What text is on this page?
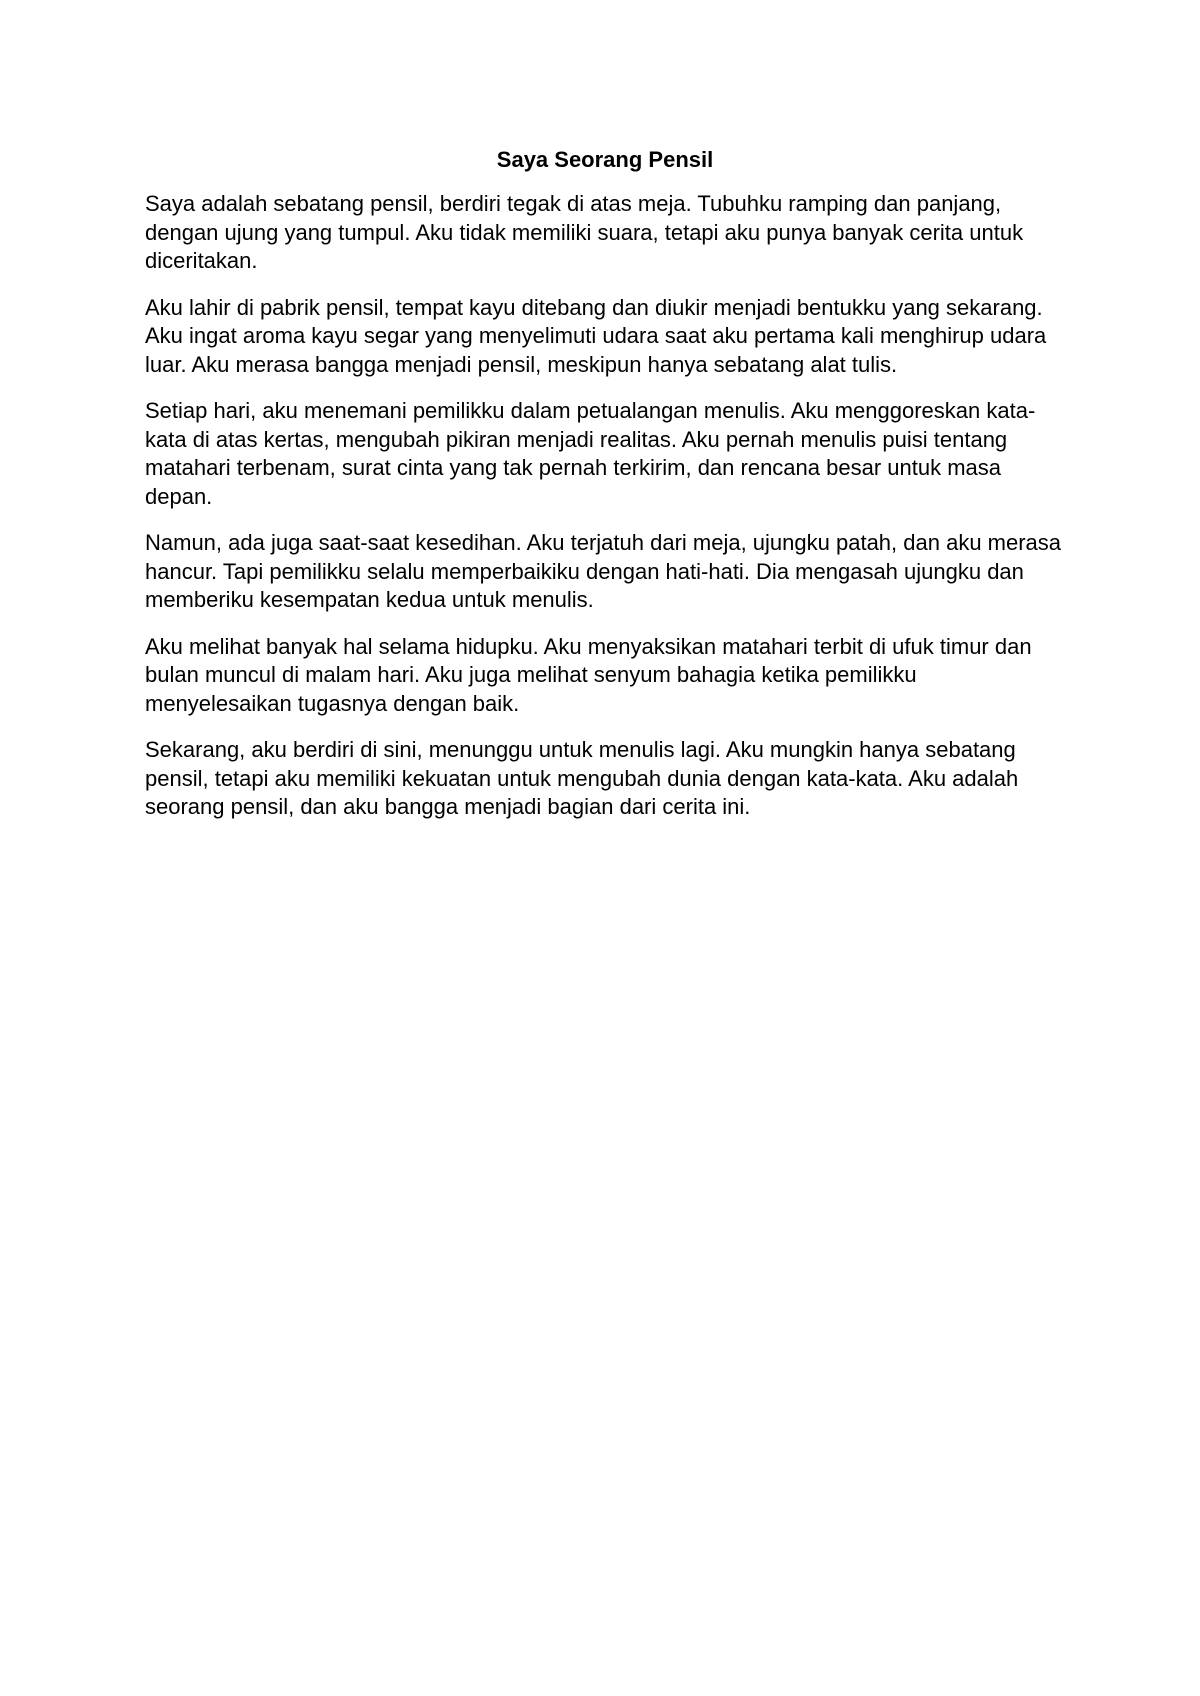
Saya Seorang Pensil

Saya adalah sebatang pensil, berdiri tegak di atas meja. Tubuhku ramping dan panjang, dengan ujung yang tumpul. Aku tidak memiliki suara, tetapi aku punya banyak cerita untuk diceritakan.

Aku lahir di pabrik pensil, tempat kayu ditebang dan diukir menjadi bentukku yang sekarang. Aku ingat aroma kayu segar yang menyelimuti udara saat aku pertama kali menghirup udara luar. Aku merasa bangga menjadi pensil, meskipun hanya sebatang alat tulis.

Setiap hari, aku menemani pemilikku dalam petualangan menulis. Aku menggoreskan kata-kata di atas kertas, mengubah pikiran menjadi realitas. Aku pernah menulis puisi tentang matahari terbenam, surat cinta yang tak pernah terkirim, dan rencana besar untuk masa depan.

Namun, ada juga saat-saat kesedihan. Aku terjatuh dari meja, ujungku patah, dan aku merasa hancur. Tapi pemilikku selalu memperbaikiku dengan hati-hati. Dia mengasah ujungku dan memberiku kesempatan kedua untuk menulis.

Aku melihat banyak hal selama hidupku. Aku menyaksikan matahari terbit di ufuk timur dan bulan muncul di malam hari. Aku juga melihat senyum bahagia ketika pemilikku menyelesaikan tugasnya dengan baik.

Sekarang, aku berdiri di sini, menunggu untuk menulis lagi. Aku mungkin hanya sebatang pensil, tetapi aku memiliki kekuatan untuk mengubah dunia dengan kata-kata. Aku adalah seorang pensil, dan aku bangga menjadi bagian dari cerita ini.
